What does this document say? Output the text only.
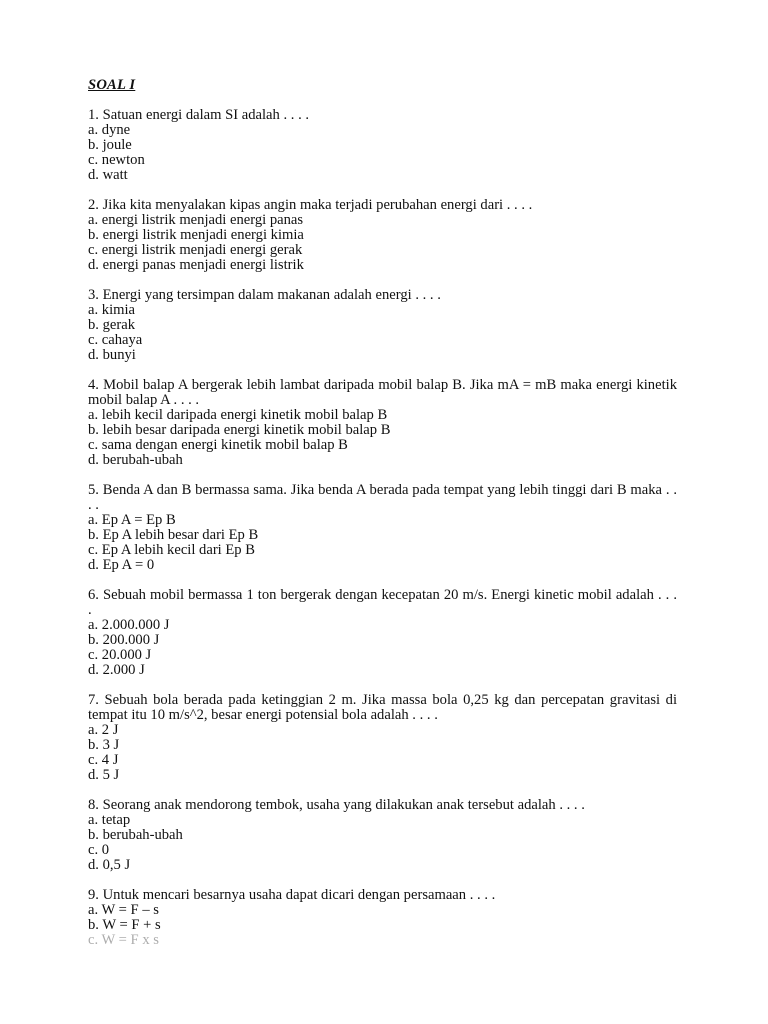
SOAL I
1. Satuan energi dalam SI adalah . . . .
a. dyne
b. joule
c. newton
d. watt
2. Jika kita menyalakan kipas angin maka terjadi perubahan energi dari . . . .
a. energi listrik menjadi energi panas
b. energi listrik menjadi energi kimia
c. energi listrik menjadi energi gerak
d. energi panas menjadi energi listrik
3. Energi yang tersimpan dalam makanan adalah energi . . . .
a. kimia
b. gerak
c. cahaya
d. bunyi
4. Mobil balap A bergerak lebih lambat daripada mobil balap B. Jika mA = mB maka energi kinetik mobil balap A . . . .
a. lebih kecil daripada energi kinetik mobil balap B
b. lebih besar daripada energi kinetik mobil balap B
c. sama dengan energi kinetik mobil balap B
d. berubah-ubah
5. Benda A dan B bermassa sama. Jika benda A berada pada tempat yang lebih tinggi dari B maka . . . .
a. Ep A = Ep B
b. Ep A lebih besar dari Ep B
c. Ep A lebih kecil dari Ep B
d. Ep A = 0
6. Sebuah mobil bermassa 1 ton bergerak dengan kecepatan 20 m/s. Energi kinetic mobil adalah . . . .
a. 2.000.000 J
b. 200.000 J
c. 20.000 J
d. 2.000 J
7. Sebuah bola berada pada ketinggian 2 m. Jika massa bola 0,25 kg dan percepatan gravitasi di tempat itu 10 m/s^2, besar energi potensial bola adalah . . . .
a. 2 J
b. 3 J
c. 4 J
d. 5 J
8. Seorang anak mendorong tembok, usaha yang dilakukan anak tersebut adalah . . . .
a. tetap
b. berubah-ubah
c. 0
d. 0,5 J
9. Untuk mencari besarnya usaha dapat dicari dengan persamaan . . . .
a. W = F – s
b. W = F + s
c. W = F x s
